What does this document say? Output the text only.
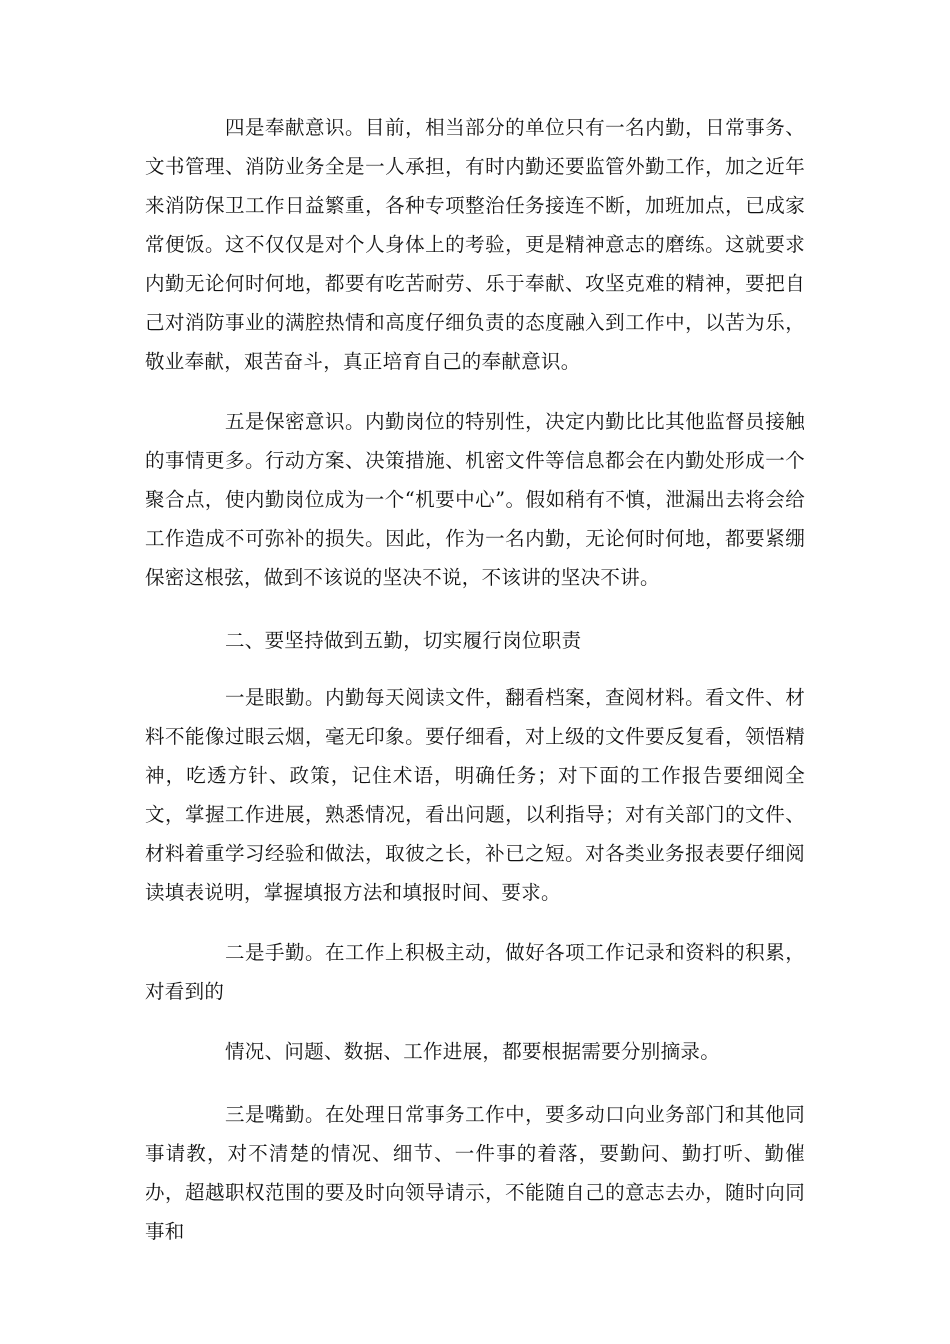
四是奉献意识。目前，相当部分的单位只有一名内勤，日常事务、文书管理、消防业务全是一人承担，有时内勤还要监管外勤工作，加之近年来消防保卫工作日益繁重，各种专项整治任务接连不断，加班加点，已成家常便饭。这不仅仅是对个人身体上的考验，更是精神意志的磨练。这就要求内勤无论何时何地，都要有吃苦耐劳、乐于奉献、攻坚克难的精神，要把自己对消防事业的满腔热情和高度仔细负责的态度融入到工作中，以苦为乐，敬业奉献，艰苦奋斗，真正培育自己的奉献意识。

五是保密意识。内勤岗位的特别性，决定内勤比比其他监督员接触的事情更多。行动方案、决策措施、机密文件等信息都会在内勤处形成一个聚合点，使内勤岗位成为一个“机要中心”。假如稍有不慎，泄漏出去将会给工作造成不可弥补的损失。因此，作为一名内勤，无论何时何地，都要紧绷保密这根弦，做到不该说的坚决不说，不该讲的坚决不讲。

二、要坚持做到五勤，切实履行岗位职责

一是眼勤。内勤每天阅读文件，翻看档案，查阅材料。看文件、材料不能像过眼云烟，毫无印象。要仔细看，对上级的文件要反复看，领悟精神，吃透方针、政策，记住术语，明确任务；对下面的工作报告要细阅全文，掌握工作进展，熟悉情况，看出问题，以利指导；对有关部门的文件、材料着重学习经验和做法，取彼之长，补已之短。对各类业务报表要仔细阅读填表说明，掌握填报方法和填报时间、要求。

二是手勤。在工作上积极主动，做好各项工作记录和资料的积累，对看到的

情况、问题、数据、工作进展，都要根据需要分别摘录。

三是嘴勤。在处理日常事务工作中，要多动口向业务部门和其他同事请教，对不清楚的情况、细节、一件事的着落，要勤问、勤打听、勤催办，超越职权范围的要及时向领导请示，不能随自己的意志去办，随时向同事和
